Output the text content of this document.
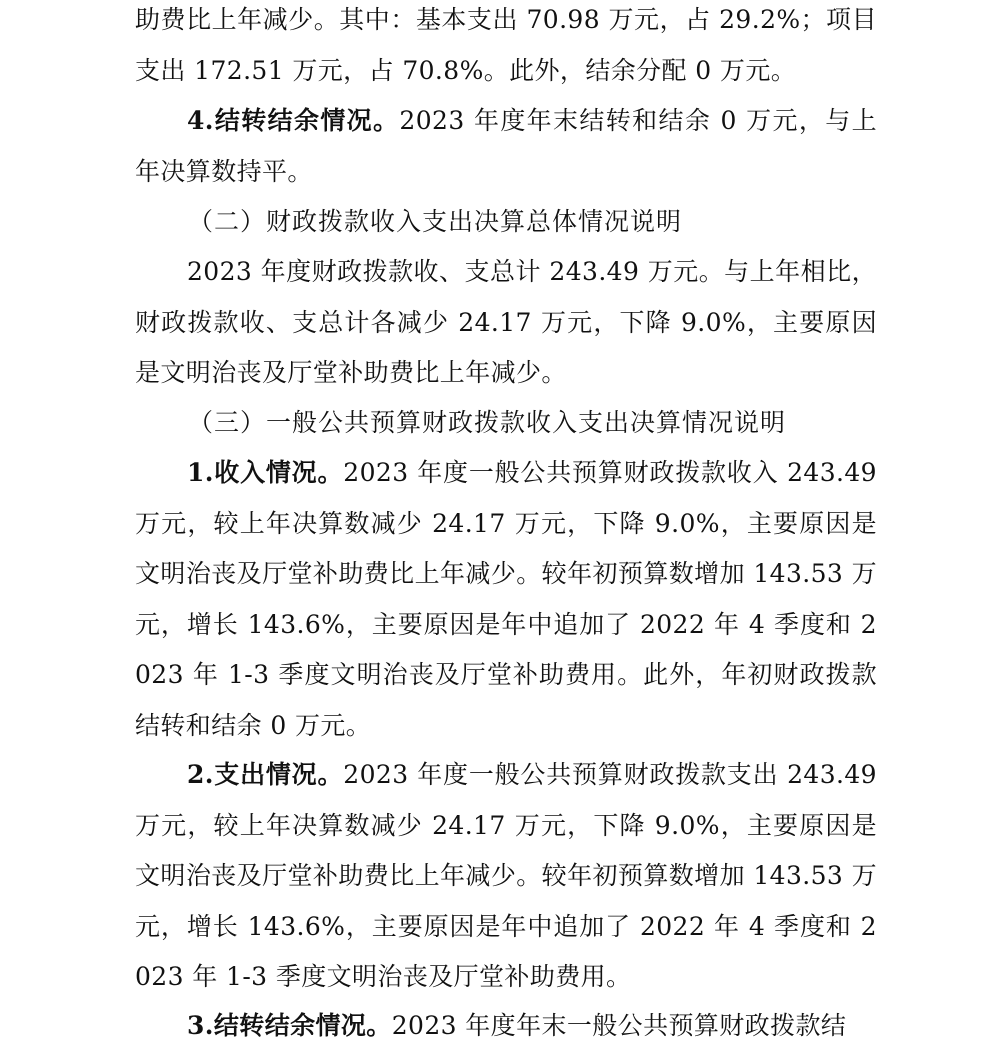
助费比上年减少。其中：基本支出 70.98 万元，占 29.2%；项目支出 172.51 万元，占 70.8%。此外，结余分配 0 万元。

4.结转结余情况。2023 年度年末结转和结余 0 万元，与上年决算数持平。

（二）财政拨款收入支出决算总体情况说明

2023 年度财政拨款收、支总计 243.49 万元。与上年相比，财政拨款收、支总计各减少 24.17 万元，下降 9.0%，主要原因是文明治丧及厅堂补助费比上年减少。

（三）一般公共预算财政拨款收入支出决算情况说明

1.收入情况。2023 年度一般公共预算财政拨款收入 243.49 万元，较上年决算数减少 24.17 万元，下降 9.0%，主要原因是文明治丧及厅堂补助费比上年减少。较年初预算数增加 143.53 万元，增长 143.6%，主要原因是年中追加了 2022 年 4 季度和 2023 年 1-3 季度文明治丧及厅堂补助费用。此外，年初财政拨款结转和结余 0 万元。

2.支出情况。2023 年度一般公共预算财政拨款支出 243.49 万元，较上年决算数减少 24.17 万元，下降 9.0%，主要原因是文明治丧及厅堂补助费比上年减少。较年初预算数增加 143.53 万元，增长 143.6%，主要原因是年中追加了 2022 年 4 季度和 2023 年 1-3 季度文明治丧及厅堂补助费用。

3.结转结余情况。2023 年度年末一般公共预算财政拨款结
